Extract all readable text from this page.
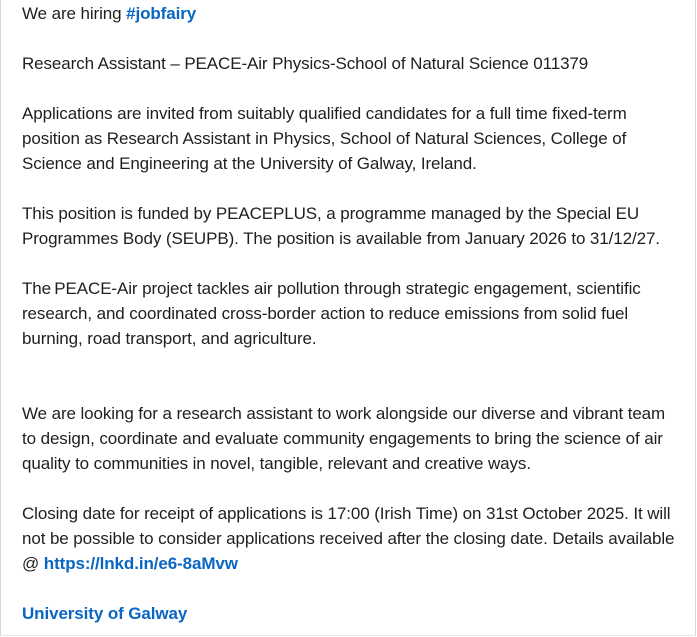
We are hiring #jobfairy

Research Assistant – PEACE-Air Physics-School of Natural Science 011379

Applications are invited from suitably qualified candidates for a full time fixed-term position as Research Assistant in Physics, School of Natural Sciences, College of Science and Engineering at the University of Galway, Ireland.

This position is funded by PEACEPLUS, a programme managed by the Special EU Programmes Body (SEUPB). The position is available from January 2026 to 31/12/27.

The PEACE-Air project tackles air pollution through strategic engagement, scientific research, and coordinated cross-border action to reduce emissions from solid fuel burning, road transport, and agriculture.

We are looking for a research assistant to work alongside our diverse and vibrant team to design, coordinate and evaluate community engagements to bring the science of air quality to communities in novel, tangible, relevant and creative ways.

Closing date for receipt of applications is 17:00 (Irish Time) on 31st October 2025. It will not be possible to consider applications received after the closing date. Details available @ https://lnkd.in/e6-8aMvw

University of Galway
